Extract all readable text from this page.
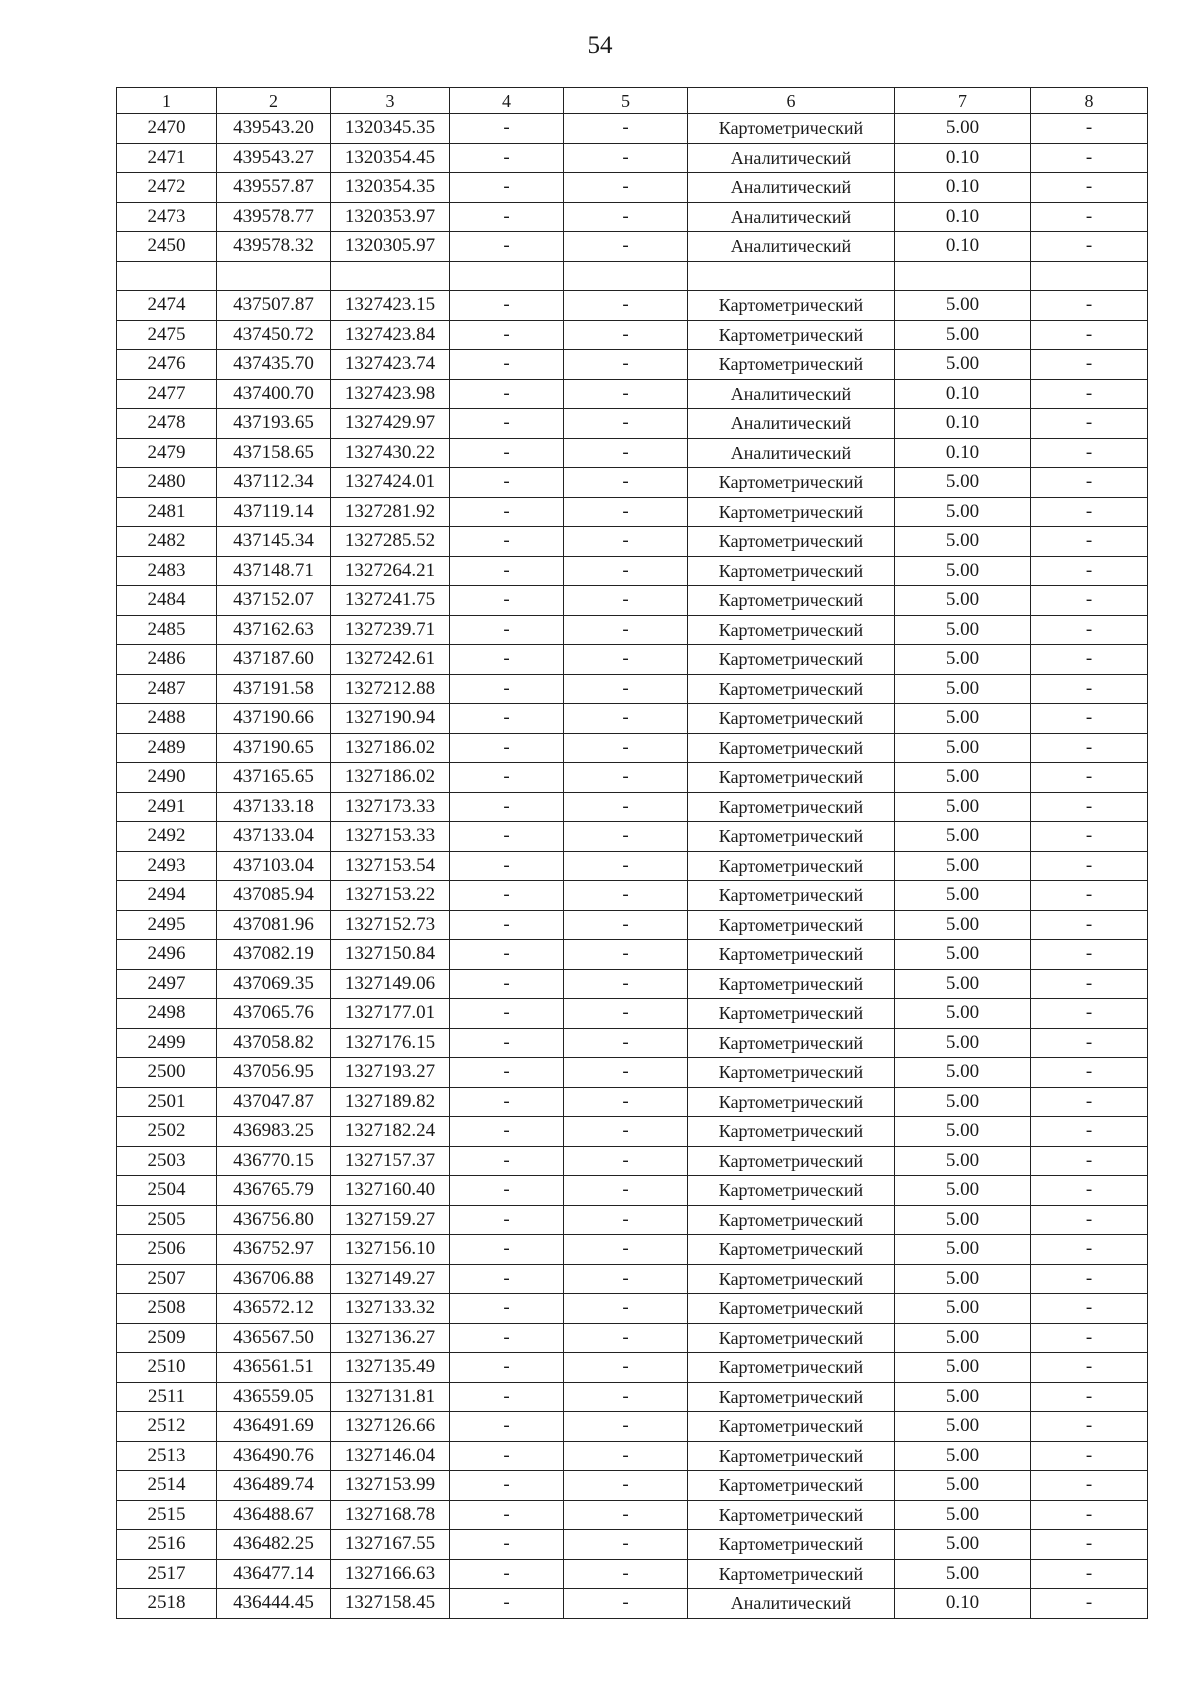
54
1	2	3	4	5	6	7	8
2470	439543.20	1320345.35	-	-	Картометрический	5.00	-
2471	439543.27	1320354.45	-	-	Аналитический	0.10	-
2472	439557.87	1320354.35	-	-	Аналитический	0.10	-
2473	439578.77	1320353.97	-	-	Аналитический	0.10	-
2450	439578.32	1320305.97	-	-	Аналитический	0.10	-

2474	437507.87	1327423.15	-	-	Картометрический	5.00	-
2475	437450.72	1327423.84	-	-	Картометрический	5.00	-
2476	437435.70	1327423.74	-	-	Картометрический	5.00	-
2477	437400.70	1327423.98	-	-	Аналитический	0.10	-
2478	437193.65	1327429.97	-	-	Аналитический	0.10	-
2479	437158.65	1327430.22	-	-	Аналитический	0.10	-
2480	437112.34	1327424.01	-	-	Картометрический	5.00	-
2481	437119.14	1327281.92	-	-	Картометрический	5.00	-
2482	437145.34	1327285.52	-	-	Картометрический	5.00	-
2483	437148.71	1327264.21	-	-	Картометрический	5.00	-
2484	437152.07	1327241.75	-	-	Картометрический	5.00	-
2485	437162.63	1327239.71	-	-	Картометрический	5.00	-
2486	437187.60	1327242.61	-	-	Картометрический	5.00	-
2487	437191.58	1327212.88	-	-	Картометрический	5.00	-
2488	437190.66	1327190.94	-	-	Картометрический	5.00	-
2489	437190.65	1327186.02	-	-	Картометрический	5.00	-
2490	437165.65	1327186.02	-	-	Картометрический	5.00	-
2491	437133.18	1327173.33	-	-	Картометрический	5.00	-
2492	437133.04	1327153.33	-	-	Картометрический	5.00	-
2493	437103.04	1327153.54	-	-	Картометрический	5.00	-
2494	437085.94	1327153.22	-	-	Картометрический	5.00	-
2495	437081.96	1327152.73	-	-	Картометрический	5.00	-
2496	437082.19	1327150.84	-	-	Картометрический	5.00	-
2497	437069.35	1327149.06	-	-	Картометрический	5.00	-
2498	437065.76	1327177.01	-	-	Картометрический	5.00	-
2499	437058.82	1327176.15	-	-	Картометрический	5.00	-
2500	437056.95	1327193.27	-	-	Картометрический	5.00	-
2501	437047.87	1327189.82	-	-	Картометрический	5.00	-
2502	436983.25	1327182.24	-	-	Картометрический	5.00	-
2503	436770.15	1327157.37	-	-	Картометрический	5.00	-
2504	436765.79	1327160.40	-	-	Картометрический	5.00	-
2505	436756.80	1327159.27	-	-	Картометрический	5.00	-
2506	436752.97	1327156.10	-	-	Картометрический	5.00	-
2507	436706.88	1327149.27	-	-	Картометрический	5.00	-
2508	436572.12	1327133.32	-	-	Картометрический	5.00	-
2509	436567.50	1327136.27	-	-	Картометрический	5.00	-
2510	436561.51	1327135.49	-	-	Картометрический	5.00	-
2511	436559.05	1327131.81	-	-	Картометрический	5.00	-
2512	436491.69	1327126.66	-	-	Картометрический	5.00	-
2513	436490.76	1327146.04	-	-	Картометрический	5.00	-
2514	436489.74	1327153.99	-	-	Картометрический	5.00	-
2515	436488.67	1327168.78	-	-	Картометрический	5.00	-
2516	436482.25	1327167.55	-	-	Картометрический	5.00	-
2517	436477.14	1327166.63	-	-	Картометрический	5.00	-
2518	436444.45	1327158.45	-	-	Аналитический	0.10	-
